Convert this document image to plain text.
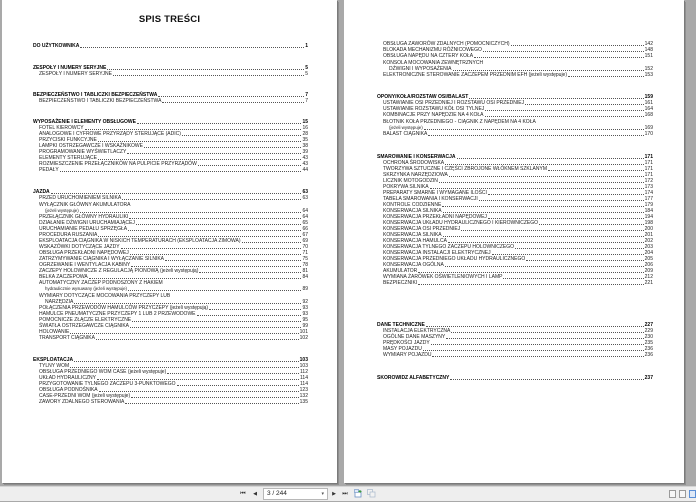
SPIS TREŚCI
DO UŻYTKOWNIKA	1
ZESPOŁY I NUMERY SERYJNE	5
ZESPOŁY I NUMERY SERYJNE	5
BEZPIECZEŃSTWO I TABLICZKI BEZPIECZEŃSTWA	7
BEZPIECZEŃSTWO I TABLICZKI BEZPIECZEŃSTWA	7
WYPOSAŻENIE I ELEMENTY OBSŁUGOWE	15
FOTEL KIEROWCY	16
ANALOGOWE I CYFROWE PRZYRZĄDY STERUJĄCE (ADIC)	28
PRZYCISKI FUNKCYJNE	35
LAMPKI OSTRZEGAWCZE I WSKAŹNIKOWE	38
PROGRAMOWANIE WYŚWIETLACZY	39
ELEMENTY STERUJĄCE	43
ROZMIESZCZENIE PRZEŁĄCZNIKÓW NA PULPICIE PRZYRZĄDÓW	43
PEDAŁY	44
JAZDA	63
PRZED URUCHOMIENIEM SILNIKA	63
WYŁĄCZNIK GŁÓWNY AKUMULATORA
(jeżeli występuje)	64
PRZEŁĄCZNIK GŁÓWNY HYDRAULIKI	64
DZIAŁANIE DŹWIGNI URUCHAMIAJĄCEJ	65
URUCHAMIANIE PEDAŁU SPRZĘGŁA	66
PROCEDURA RUSZANIA	67
EKSPLOATACJA CIĄGNIKA W NISKICH TEMPERATURACH (EKSPLOATACJA ZIMOWA)	69
WSKAZÓWKI DOTYCZĄCE JAZDY	70
OBSŁUGA PRZEKŁADNI NAPĘDOWEJ	71
ZATRZYMYWANIE CIĄGNIKA I WYŁĄCZANIE SILNIKA	75
OGRZEWANIE I WENTYLACJA KABINY	78
ZACZEPY HOLOWNICZE Z REGULACJĄ PIONOWĄ (jeżeli występują)	81
BELKA ZACZEPOWA	84
AUTOMATYCZNY ZACZEP PODNOSZONY Z HAKIEM
hydraulicznie wysuwany (jeżeli występuje)	89
WYMIARY DOTYCZĄCE MOCOWANIA PRZYCZEPY LUB
NARZĘDZIA	92
POŁĄCZENIA PRZEWODÓW HAMULCÓW PRZYCZEPY (jeżeli występują)	93
HAMULCE PNEUMATYCZNE PRZYCZEPY 1 LUB 2 PRZEWODOWE	93
POMOCNICZE ZŁĄCZE ELEKTRYCZNE	95
ŚWIATŁA OSTRZEGAWCZE CIĄGNIKA	99
HOLOWANIE	101
TRANSPORT CIĄGNIKA	102
EKSPLOATACJA	103
TYLNY WOM	103
OBSŁUGA PRZEDNIEGO WOM CASE (jeżeli występuje)	112
UKŁAD HYDRAULICZNY	114
PRZYGOTOWANIE TYLNEGO ZACZEPU 3-PUNKTOWEGO	114
OBSŁUGA PODNOŚNIKA	123
CASE-PRZEDNI WOM (jeżeli występuje)	132
ZAWORY ZDALNEGO STEROWANIA	135
OBSŁUGA ZAWORÓW ZDALNYCH (POMOCNICZYCH)	142
BLOKADA MECHANIZMU RÓŻNICOWEGO	148
OBSŁUGA NAPĘDU NA CZTERY KOŁA	151
KONSOLA MOCOWANIA ZEWNĘTRZNYCH
DŹWIGNI I WYPOSAŻENIA	152
ELEKTRONICZNE STEROWANIE ZACZEPEM PRZEDNIM EFH (jeżeli występuje)	153
OPONY/KOŁA/ROZSTAW OSI/BALAST	159
USTAWIANIE OSI PRZEDNIEJ I ROZSTAWU OSI PRZEDNIEJ	161
USTAWIANIE ROZSTAWU KÓŁ OSI TYLNEJ	164
KOMBINACJE PRZY NAPĘDZIE NA 4 KOŁA	168
BŁOTNIK KOŁA PRZEDNIEGO - CIĄGNIK Z NAPĘDEM NA 4 KOŁA
(jeżeli występuje)	169
BALAST CIĄGNIKA	170
SMAROWANIE I KONSERWACJA	171
OCHRONA ŚRODOWISKA	171
TWORZYWA SZTUCZNE I CZĘŚCI ZBROJONE WŁÓKNEM SZKLANYM	171
SKRZYNKA NARZĘDZIOWA	171
LICZNIK MOTOGODZIN	172
POKRYWA SILNIKA	173
PREPARATY SMARNE I WYMAGANE ILOŚCI	174
TABELA SMAROWANIA I KONSERWACJI	177
KONTROLE CODZIENNE	179
KONSERWACJA SILNIKA	184
KONSERWACJA PRZEKŁADNI NAPĘDOWEJ	194
KONSERWACJA UKŁADU HYDRAULICZNEGO I KIEROWNICZEGO	198
KONSERWACJA OSI PRZEDNIEJ	200
KONSERWACJA SILNIKA	201
KONSERWACJA HAMULCA	202
KONSERWACJA TYLNEGO ZACZEPU HOLOWNICZEGO	203
KONSERWACJA INSTALACJI ELEKTRYCZNEJ	204
KONSERWACJA PRZEDNIEGO UKŁADU HYDRAULICZNEGO	205
KONSERWACJA OGÓLNA	206
AKUMULATOR	209
WYMIANA ŻARÓWEK OŚWIETLENIOWYCH I LAMP	212
BEZPIECZNIKI	221
DANE TECHNICZNE	227
INSTALACJA ELEKTRYCZNA	229
OGÓLNE DANE MASZYNY	230
PRĘDKOŚCI JAZDY	235
MASY POJAZDU	236
WYMIARY POJAZDU	236
SKOROWIDZ ALFABETYCZNY	237
⏮	◀	3 / 244	▾	▶	⏭
